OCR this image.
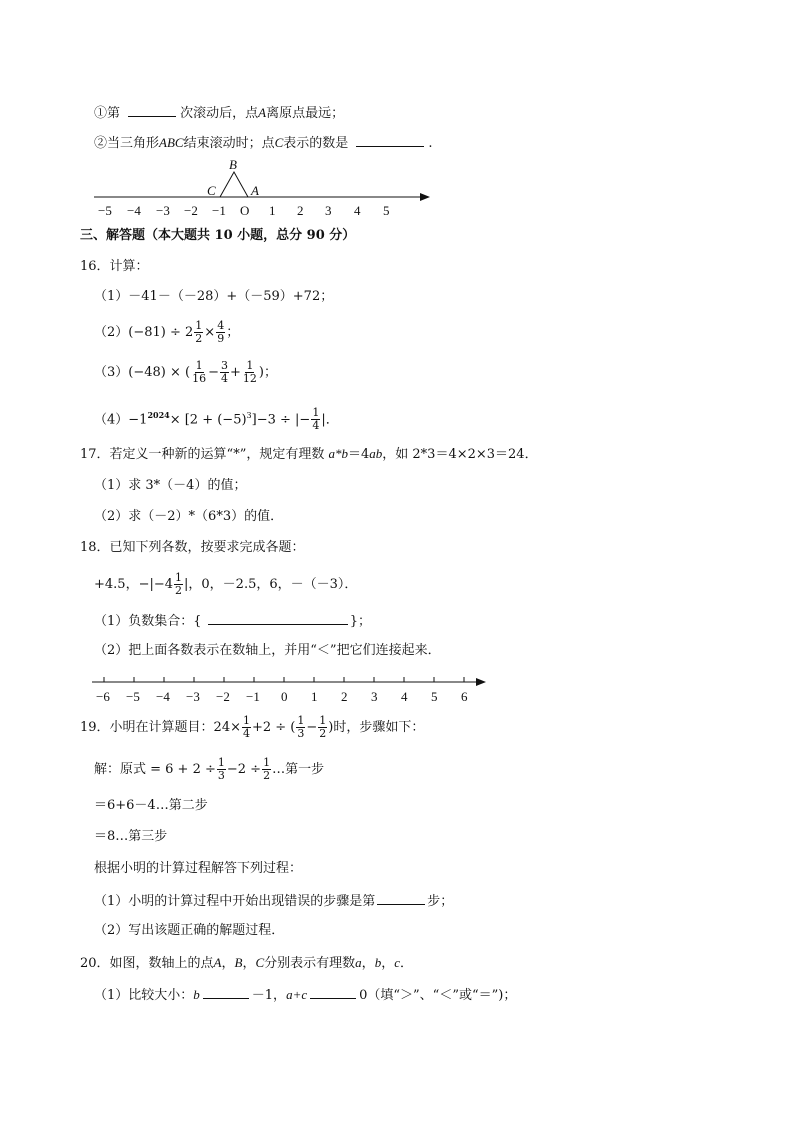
①第	次滚动后，点A离原点最远；
②当三角形ABC结束滚动时；点C表示的数是	.
B
C	A
−5 −4 −3 −2 −1 O 1 2 3 4 5
三、解答题（本大题共 10 小题，总分 90 分）
16．计算：
（1）－41－（－28）+（－59）+72；
$(2)(-81) \div 2 \frac{1}{2} \times \frac{4}{9}$ ；
（3）(−48) × ( $\frac{1}{16} - \frac{3}{4} + \frac{1}{12}$ )；
$(4)-1^{2024}\times [2 + (-5)^3]-3$ ÷ |− $\frac{1}{4}$ |．
17．若定义一种新的运算“*”，规定有理数 a*b＝4ab，如 2*3＝4×2×3＝24．
（1）求 3*（－4）的值；
（2）求（－2）*（6*3）的值．
18．已知下列各数，按要求完成各题：
+4.5，$-|-4 \frac{1}{2}$ |，0，－2.5，6，－（－3）．
（1）负数集合：{	}；
（2）把上面各数表示在数轴上，并用“＜”把它们连接起来．
−6 −5 −4 −3 −2 −1 0 1 2 3 4 5 6
19．小明在计算题目：$24\times \frac{1}{4} +2$ ÷ ( $\frac{1}{3} - \frac{1}{2}$ )时，步骤如下：
解：原式 = $6 + 2 \div \frac{1}{3} -2 \div \frac{1}{2}$ …第一步
＝6+6－4…第二步
＝8…第三步
根据小明的计算过程解答下列过程：
（1）小明的计算过程中开始出现错误的步骤是第	步；
（2）写出该题正确的解题过程．
20．如图，数轴上的点A，B，C分别表示有理数a，b，c．
（1）比较大小：b	－1，a+c	0（填“＞”、“＜”或“＝”)；
